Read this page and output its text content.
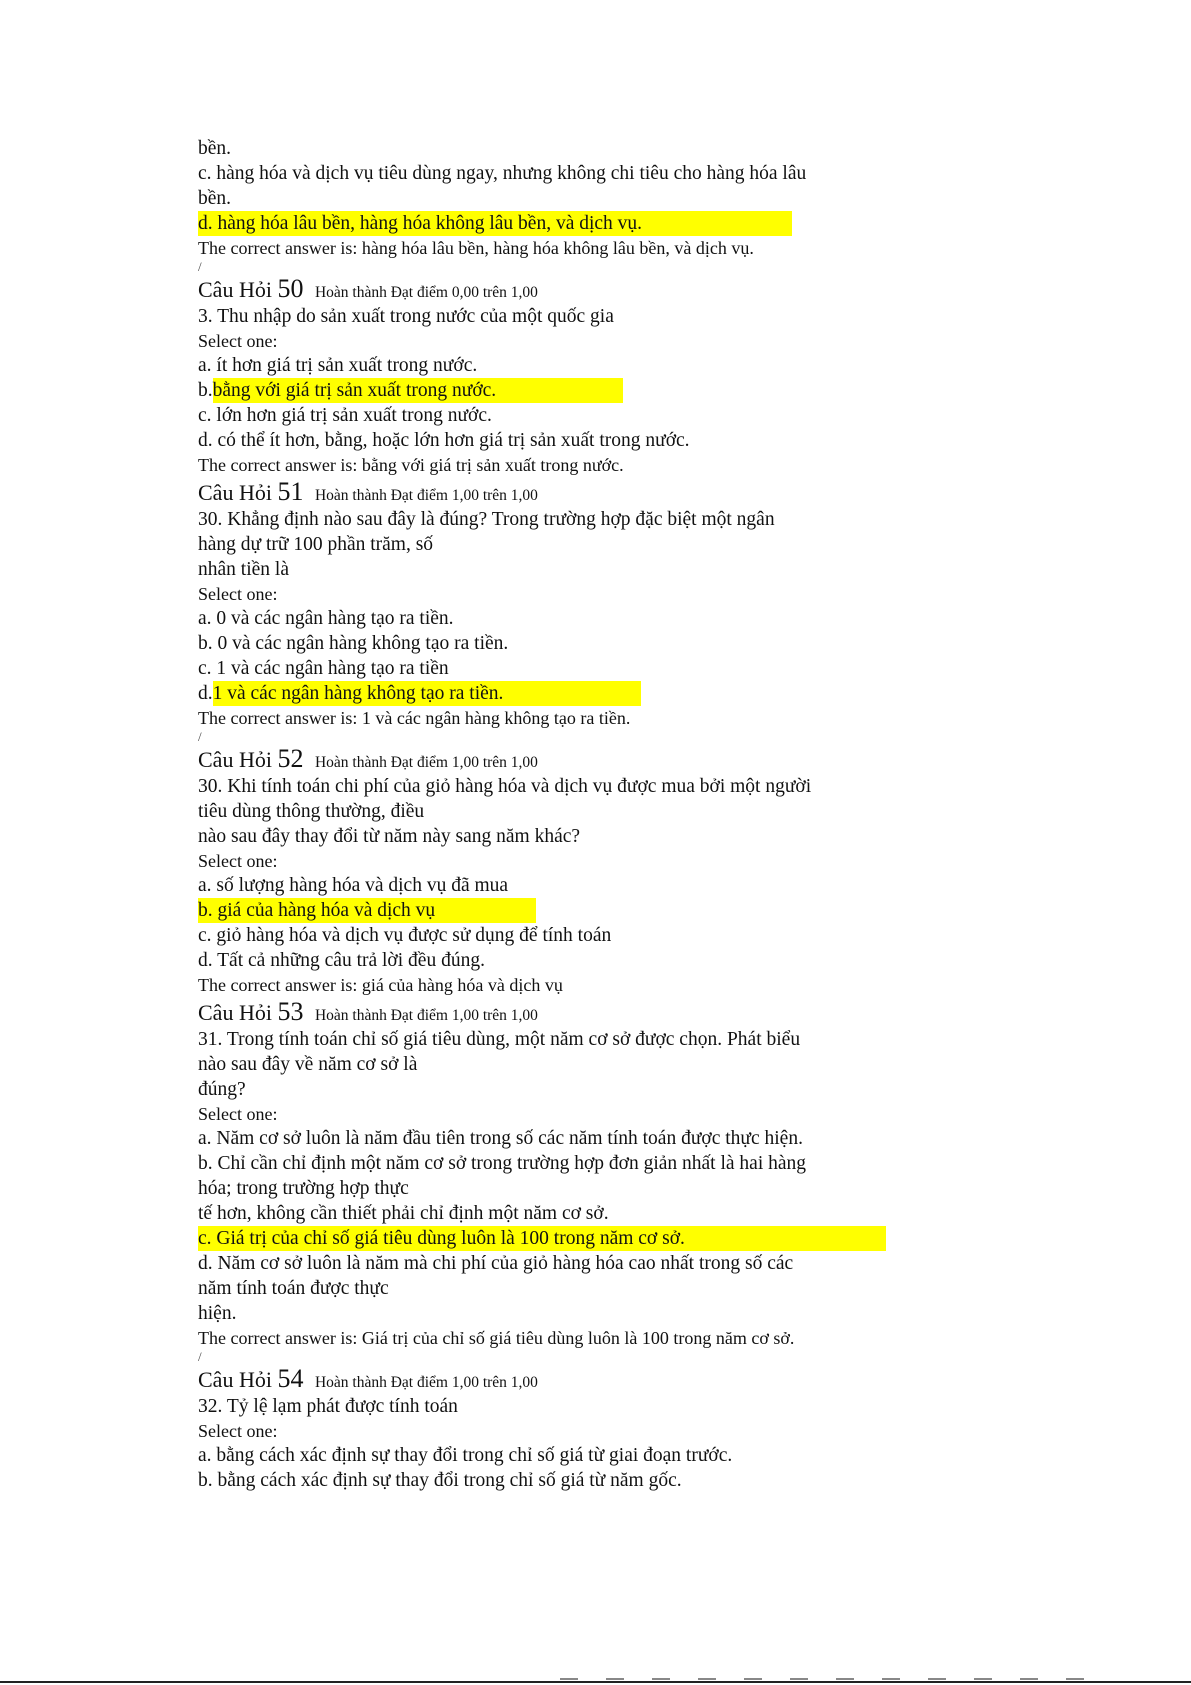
bền.
c. hàng hóa và dịch vụ tiêu dùng ngay, nhưng không chi tiêu cho hàng hóa lâu
bền.
d. hàng hóa lâu bền, hàng hóa không lâu bền, và dịch vụ.
The correct answer is: hàng hóa lâu bền, hàng hóa không lâu bền, và dịch vụ.
/
Câu Hỏi 50 Hoàn thành Đạt điểm 0,00 trên 1,00
3. Thu nhập do sản xuất trong nước của một quốc gia
Select one:
a. ít hơn giá trị sản xuất trong nước.
b.bằng với giá trị sản xuất trong nước.
c. lớn hơn giá trị sản xuất trong nước.
d. có thể ít hơn, bằng, hoặc lớn hơn giá trị sản xuất trong nước.
The correct answer is: bằng với giá trị sản xuất trong nước.
Câu Hỏi 51 Hoàn thành Đạt điểm 1,00 trên 1,00
30. Khẳng định nào sau đây là đúng? Trong trường hợp đặc biệt một ngân
hàng dự trữ 100 phần trăm, số
nhân tiền là
Select one:
a. 0 và các ngân hàng tạo ra tiền.
b. 0 và các ngân hàng không tạo ra tiền.
c. 1 và các ngân hàng tạo ra tiền
d.1 và các ngân hàng không tạo ra tiền.
The correct answer is: 1 và các ngân hàng không tạo ra tiền.
/
Câu Hỏi 52 Hoàn thành Đạt điểm 1,00 trên 1,00
30. Khi tính toán chi phí của giỏ hàng hóa và dịch vụ được mua bởi một người
tiêu dùng thông thường, điều
nào sau đây thay đổi từ năm này sang năm khác?
Select one:
a. số lượng hàng hóa và dịch vụ đã mua
b. giá của hàng hóa và dịch vụ
c. giỏ hàng hóa và dịch vụ được sử dụng để tính toán
d. Tất cả những câu trả lời đều đúng.
The correct answer is: giá của hàng hóa và dịch vụ
Câu Hỏi 53 Hoàn thành Đạt điểm 1,00 trên 1,00
31. Trong tính toán chỉ số giá tiêu dùng, một năm cơ sở được chọn. Phát biểu
nào sau đây về năm cơ sở là
đúng?
Select one:
a. Năm cơ sở luôn là năm đầu tiên trong số các năm tính toán được thực hiện.
b. Chỉ cần chỉ định một năm cơ sở trong trường hợp đơn giản nhất là hai hàng
hóa; trong trường hợp thực
tế hơn, không cần thiết phải chỉ định một năm cơ sở.
c. Giá trị của chỉ số giá tiêu dùng luôn là 100 trong năm cơ sở.
d. Năm cơ sở luôn là năm mà chi phí của giỏ hàng hóa cao nhất trong số các
năm tính toán được thực
hiện.
The correct answer is: Giá trị của chỉ số giá tiêu dùng luôn là 100 trong năm cơ sở.
/
Câu Hỏi 54 Hoàn thành Đạt điểm 1,00 trên 1,00
32. Tỷ lệ lạm phát được tính toán
Select one:
a. bằng cách xác định sự thay đổi trong chỉ số giá từ giai đoạn trước.
b. bằng cách xác định sự thay đổi trong chỉ số giá từ năm gốc.
